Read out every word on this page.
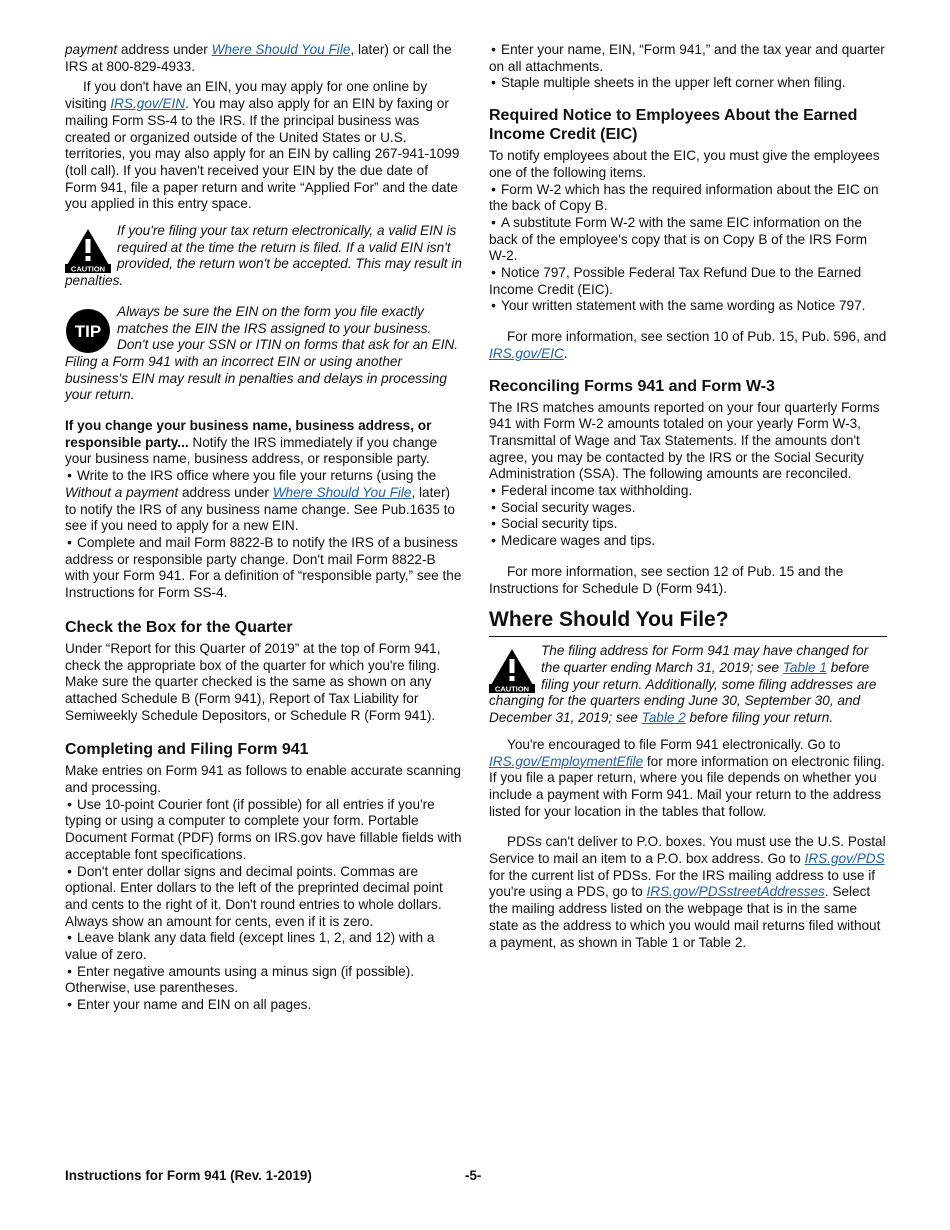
payment address under Where Should You File, later) or call the IRS at 800-829-4933.

If you don't have an EIN, you may apply for one online by visiting IRS.gov/EIN. You may also apply for an EIN by faxing or mailing Form SS-4 to the IRS. If the principal business was created or organized outside of the United States or U.S. territories, you may also apply for an EIN by calling 267-941-1099 (toll call). If you haven't received your EIN by the due date of Form 941, file a paper return and write “Applied For” and the date you applied in this entry space.

CAUTION

If you're filing your tax return electronically, a valid EIN is required at the time the return is filed. If a valid EIN isn't provided, the return won't be accepted. This may result in penalties.

TIP

Always be sure the EIN on the form you file exactly matches the EIN the IRS assigned to your business. Don't use your SSN or ITIN on forms that ask for an EIN. Filing a Form 941 with an incorrect EIN or using another business's EIN may result in penalties and delays in processing your return.

If you change your business name, business address, or responsible party... Notify the IRS immediately if you change your business name, business address, or responsible party.

• Write to the IRS office where you file your returns (using the Without a payment address under Where Should You File, later) to notify the IRS of any business name change. See Pub.1635 to see if you need to apply for a new EIN.
• Complete and mail Form 8822-B to notify the IRS of a business address or responsible party change. Don't mail Form 8822-B with your Form 941. For a definition of “responsible party,” see the Instructions for Form SS-4.
Check the Box for the Quarter

Under “Report for this Quarter of 2019” at the top of Form 941, check the appropriate box of the quarter for which you're filing. Make sure the quarter checked is the same as shown on any attached Schedule B (Form 941), Report of Tax Liability for Semiweekly Schedule Depositors, or Schedule R (Form 941).

Completing and Filing Form 941

Make entries on Form 941 as follows to enable accurate scanning and processing.

• Use 10-point Courier font (if possible) for all entries if you're typing or using a computer to complete your form. Portable Document Format (PDF) forms on IRS.gov have fillable fields with acceptable font specifications.
• Don't enter dollar signs and decimal points. Commas are optional. Enter dollars to the left of the preprinted decimal point and cents to the right of it. Don't round entries to whole dollars. Always show an amount for cents, even if it is zero.
• Leave blank any data field (except lines 1, 2, and 12) with a value of zero.
• Enter negative amounts using a minus sign (if possible). Otherwise, use parentheses.
• Enter your name and EIN on all pages.
• Enter your name, EIN, “Form 941,” and the tax year and quarter on all attachments.
• Staple multiple sheets in the upper left corner when filing.
Required Notice to Employees About the Earned Income Credit (EIC)

To notify employees about the EIC, you must give the employees one of the following items.

• Form W-2 which has the required information about the EIC on the back of Copy B.
• A substitute Form W-2 with the same EIC information on the back of the employee's copy that is on Copy B of the IRS Form W-2.
• Notice 797, Possible Federal Tax Refund Due to the Earned Income Credit (EIC).
• Your written statement with the same wording as Notice 797.

For more information, see section 10 of Pub. 15, Pub. 596, and IRS.gov/EIC.

Reconciling Forms 941 and Form W-3

The IRS matches amounts reported on your four quarterly Forms 941 with Form W-2 amounts totaled on your yearly Form W-3, Transmittal of Wage and Tax Statements. If the amounts don't agree, you may be contacted by the IRS or the Social Security Administration (SSA). The following amounts are reconciled.

• Federal income tax withholding.
• Social security wages.
• Social security tips.
• Medicare wages and tips.

For more information, see section 12 of Pub. 15 and the Instructions for Schedule D (Form 941).

Where Should You File?
CAUTION

The filing address for Form 941 may have changed for the quarter ending March 31, 2019; see Table 1 before filing your return. Additionally, some filing addresses are changing for the quarters ending June 30, September 30, and December 31, 2019; see Table 2 before filing your return.

You're encouraged to file Form 941 electronically. Go to IRS.gov/EmploymentEfile for more information on electronic filing. If you file a paper return, where you file depends on whether you include a payment with Form 941. Mail your return to the address listed for your location in the tables that follow.

PDSs can't deliver to P.O. boxes. You must use the U.S. Postal Service to mail an item to a P.O. box address. Go to IRS.gov/PDS for the current list of PDSs. For the IRS mailing address to use if you're using a PDS, go to IRS.gov/PDSstreetAddresses. Select the mailing address listed on the webpage that is in the same state as the address to which you would mail returns filed without a payment, as shown in Table 1 or Table 2.

Instructions for Form 941 (Rev. 1-2019)	-5-
